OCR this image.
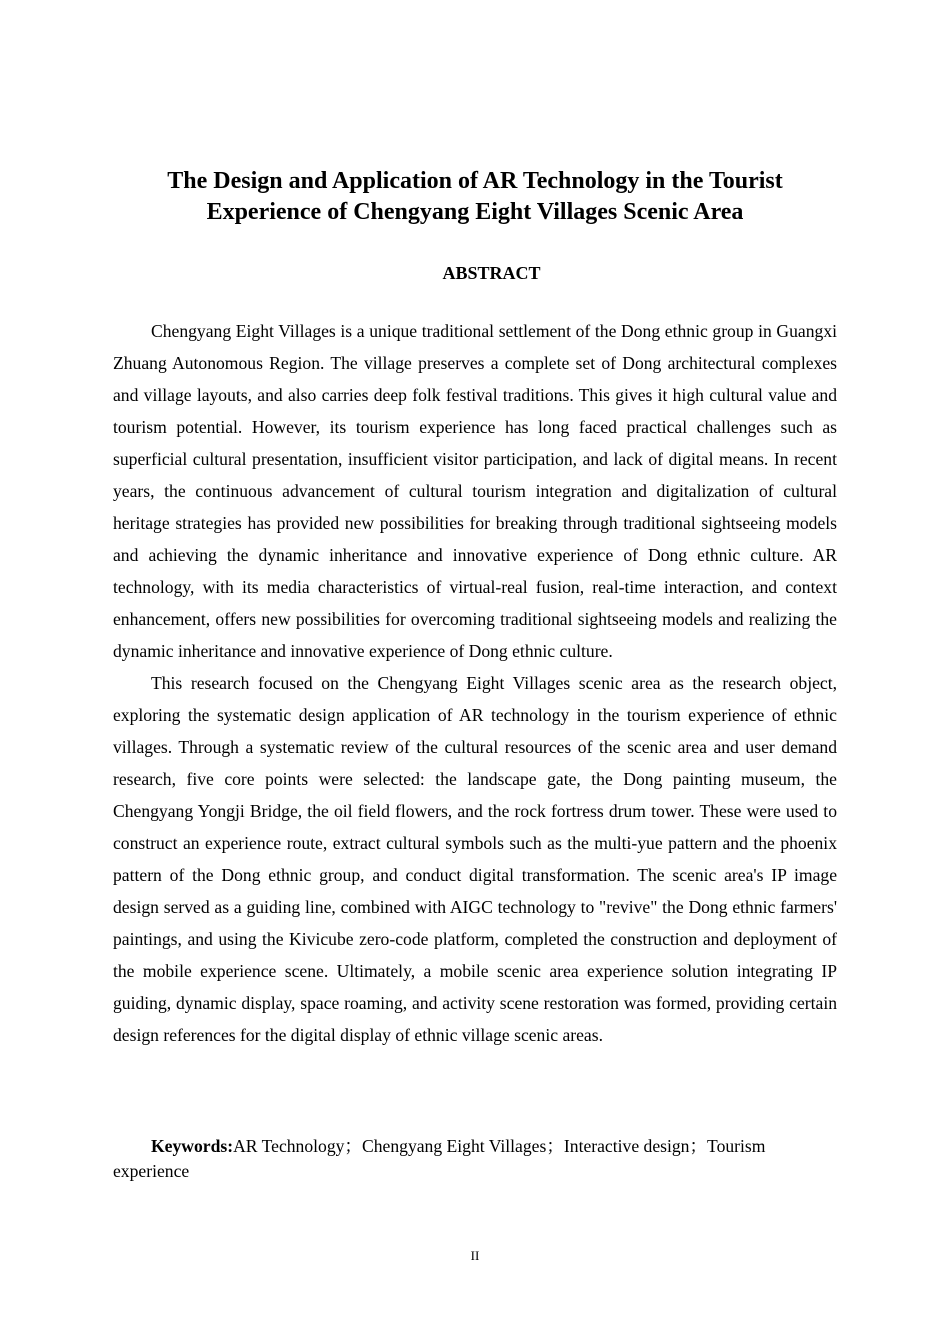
The Design and Application of AR Technology in the Tourist
Experience of Chengyang Eight Villages Scenic Area
ABSTRACT

Chengyang Eight Villages is a unique traditional settlement of the Dong ethnic group in Guangxi Zhuang Autonomous Region. The village preserves a complete set of Dong architectural complexes and village layouts, and also carries deep folk festival traditions. This gives it high cultural value and tourism potential. However, its tourism experience has long faced practical challenges such as superficial cultural presentation, insufficient visitor participation, and lack of digital means. In recent years, the continuous advancement of cultural tourism integration and digitalization of cultural heritage strategies has provided new possibilities for breaking through traditional sightseeing models and achieving the dynamic inheritance and innovative experience of Dong ethnic culture. AR technology, with its media characteristics of virtual-real fusion, real-time interaction, and context enhancement, offers new possibilities for overcoming traditional sightseeing models and realizing the dynamic inheritance and innovative experience of Dong ethnic culture.

This research focused on the Chengyang Eight Villages scenic area as the research object, exploring the systematic design application of AR technology in the tourism experience of ethnic villages. Through a systematic review of the cultural resources of the scenic area and user demand research, five core points were selected: the landscape gate, the Dong painting museum, the Chengyang Yongji Bridge, the oil field flowers, and the rock fortress drum tower. These were used to construct an experience route, extract cultural symbols such as the multi-yue pattern and the phoenix pattern of the Dong ethnic group, and conduct digital transformation. The scenic area's IP image design served as a guiding line, combined with AIGC technology to "revive" the Dong ethnic farmers' paintings, and using the Kivicube zero-code platform, completed the construction and deployment of the mobile experience scene. Ultimately, a mobile scenic area experience solution integrating IP guiding, dynamic display, space roaming, and activity scene restoration was formed, providing certain design references for the digital display of ethnic village scenic areas.

Keywords:AR Technology；Chengyang Eight Villages；Interactive design；Tourism experience

II
